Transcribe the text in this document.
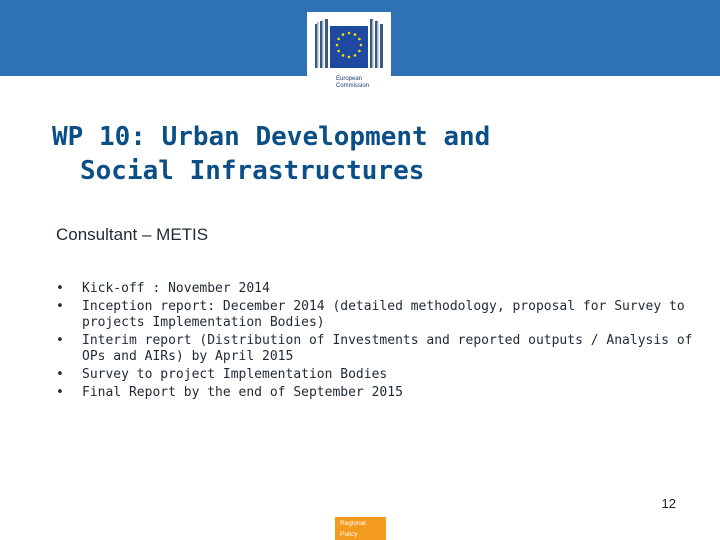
European
Commission
WP 10: Urban Development and
Social Infrastructures
Consultant – METIS
• Kick-off : November 2014
• Inception report: December 2014 (detailed methodology, proposal for Survey to projects Implementation Bodies)
• Interim report (Distribution of Investments and reported outputs / Analysis of OPs and AIRs) by April 2015
• Survey to project Implementation Bodies
• Final Report by the end of September 2015
12
Regional
Policy
